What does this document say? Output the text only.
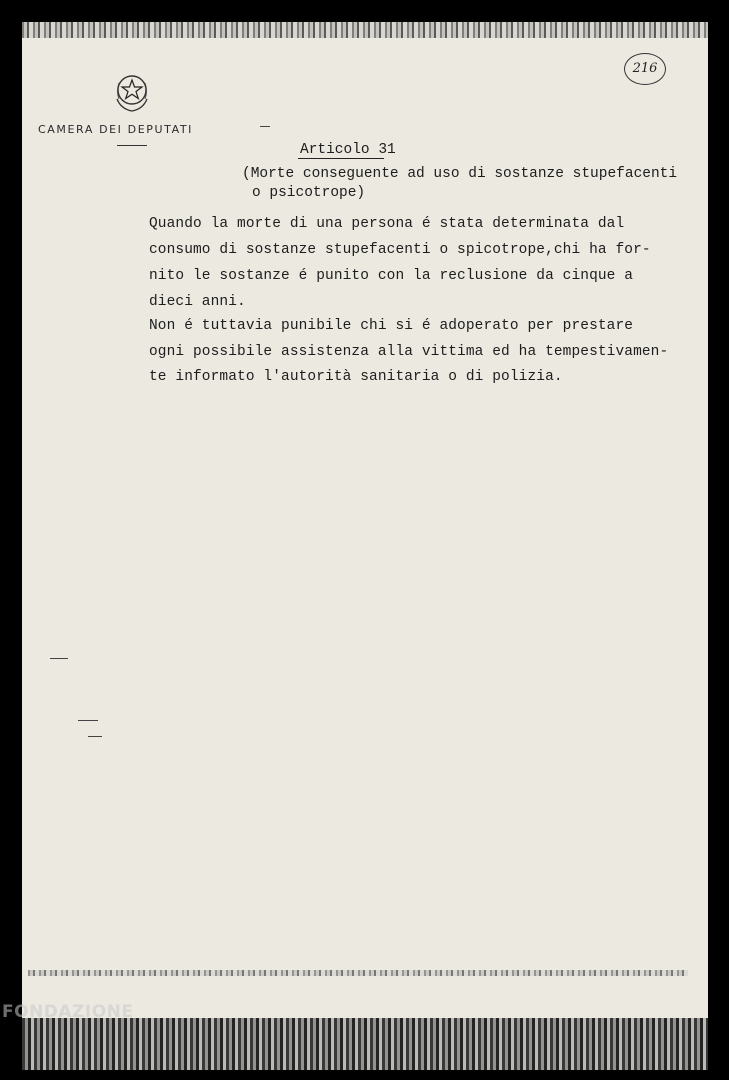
CAMERA DEI DEPUTATI
216
Articolo 31
(Morte conseguente ad uso di sostanze stupefacenti
o psicotrope)
Quando la morte di una persona é stata determinata dal
consumo di sostanze stupefacenti o spicotrope,chi ha for-
nito le sostanze é punito con la reclusione da cinque a
dieci anni.
Non é tuttavia punibile chi si é adoperato per prestare
ogni possibile assistenza alla vittima ed ha tempestivamen-
te informato l'autorità sanitaria o di polizia.
FONDAZIONE
